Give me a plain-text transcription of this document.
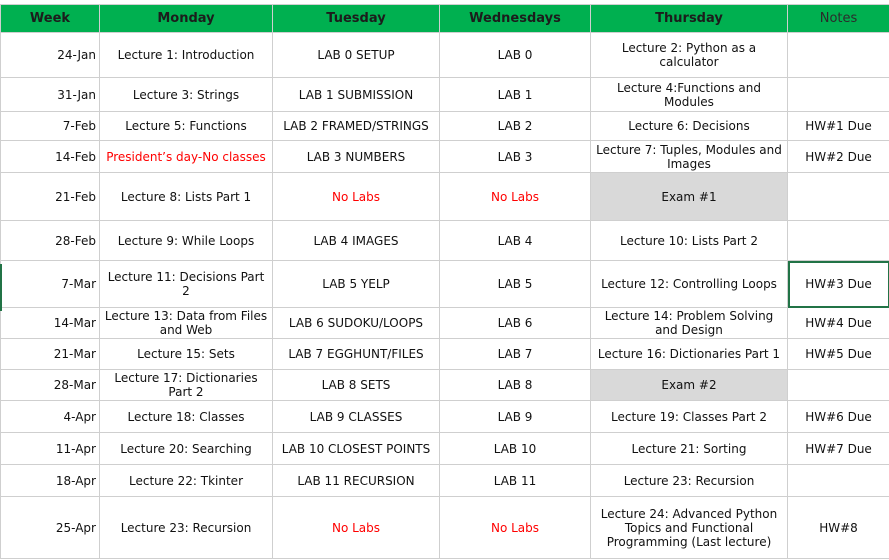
Week	Monday	Tuesday	Wednesdays	Thursday	Notes
24-Jan	Lecture 1: Introduction	LAB 0 SETUP	LAB 0	Lecture 2: Python as a calculator	
31-Jan	Lecture 3: Strings	LAB 1 SUBMISSION	LAB 1	Lecture 4:Functions and Modules	
7-Feb	Lecture 5: Functions	LAB 2 FRAMED/STRINGS	LAB 2	Lecture 6: Decisions	HW#1 Due
14-Feb	President’s day-No classes	LAB 3 NUMBERS	LAB 3	Lecture 7: Tuples, Modules and Images	HW#2 Due
21-Feb	Lecture 8: Lists Part 1	No Labs	No Labs	Exam #1	
28-Feb	Lecture 9: While Loops	LAB 4 IMAGES	LAB 4	Lecture 10: Lists Part 2	
7-Mar	Lecture 11: Decisions Part 2	LAB 5 YELP	LAB 5	Lecture 12: Controlling Loops	HW#3 Due
14-Mar	Lecture 13: Data from Files and Web	LAB 6 SUDOKU/LOOPS	LAB 6	Lecture 14: Problem Solving and Design	HW#4 Due
21-Mar	Lecture 15: Sets	LAB 7 EGGHUNT/FILES	LAB 7	Lecture 16: Dictionaries Part 1	HW#5 Due
28-Mar	Lecture 17: Dictionaries Part 2	LAB 8 SETS	LAB 8	Exam #2	
4-Apr	Lecture 18: Classes	LAB 9 CLASSES	LAB 9	Lecture 19: Classes Part 2	HW#6 Due
11-Apr	Lecture 20: Searching	LAB 10 CLOSEST POINTS	LAB 10	Lecture 21: Sorting	HW#7 Due
18-Apr	Lecture 22: Tkinter	LAB 11 RECURSION	LAB 11	Lecture 23: Recursion	
25-Apr	Lecture 23: Recursion	No Labs	No Labs	Lecture 24: Advanced Python Topics and Functional Programming (Last lecture)	HW#8
